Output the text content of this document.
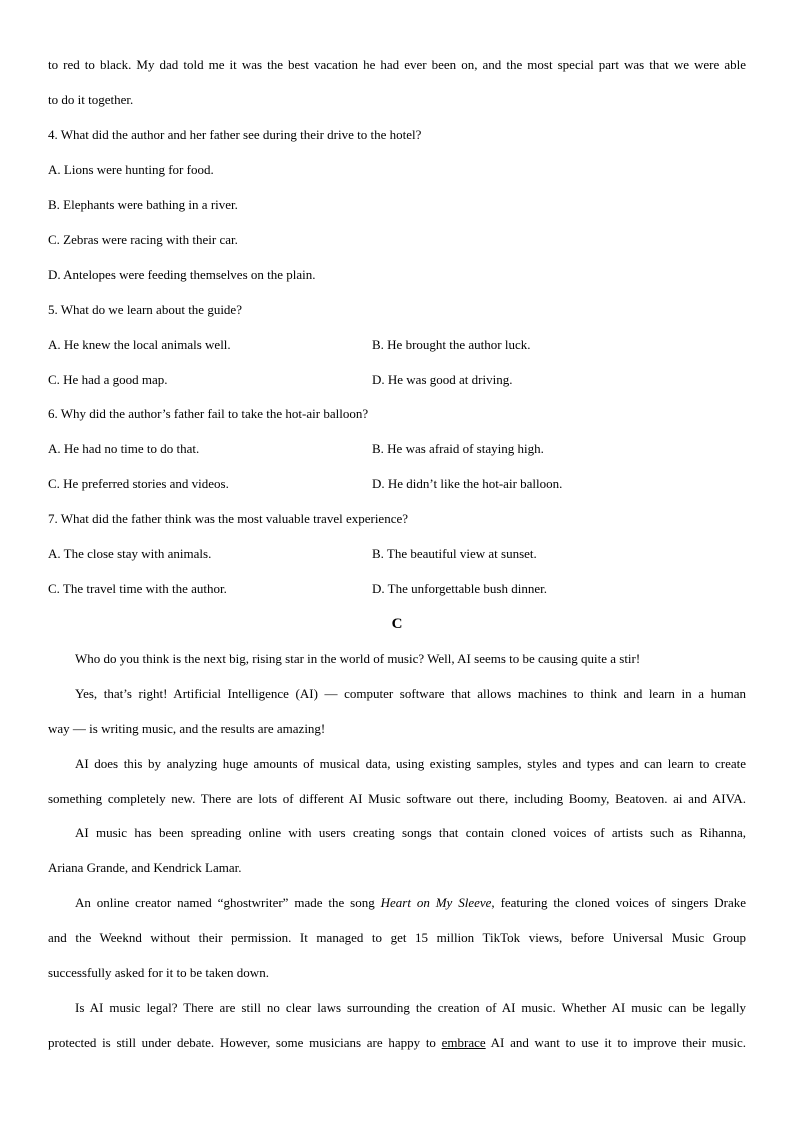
to red to black. My dad told me it was the best vacation he had ever been on, and the most special part was that we were able
to do it together.
4. What did the author and her father see during their drive to the hotel?
A. Lions were hunting for food.
B. Elephants were bathing in a river.
C. Zebras were racing with their car.
D. Antelopes were feeding themselves on the plain.
5. What do we learn about the guide?
A. He knew the local animals well.	B. He brought the author luck.
C. He had a good map.	D. He was good at driving.
6. Why did the author’s father fail to take the hot-air balloon?
A. He had no time to do that.	B. He was afraid of staying high.
C. He preferred stories and videos.	D. He didn’t like the hot-air balloon.
7. What did the father think was the most valuable travel experience?
A. The close stay with animals.	B. The beautiful view at sunset.
C. The travel time with the author.	D. The unforgettable bush dinner.
C
Who do you think is the next big, rising star in the world of music? Well, AI seems to be causing quite a stir!
Yes, that’s right! Artificial Intelligence (AI) — computer software that allows machines to think and learn in a human
way — is writing music, and the results are amazing!
AI does this by analyzing huge amounts of musical data, using existing samples, styles and types and can learn to create
something completely new. There are lots of different AI Music software out there, including Boomy, Beatoven. ai and AIVA.
AI music has been spreading online with users creating songs that contain cloned voices of artists such as Rihanna,
Ariana Grande, and Kendrick Lamar.
An online creator named “ghostwriter” made the song Heart on My Sleeve, featuring the cloned voices of singers Drake
and the Weeknd without their permission. It managed to get 15 million TikTok views, before Universal Music Group
successfully asked for it to be taken down.
Is AI music legal? There are still no clear laws surrounding the creation of AI music. Whether AI music can be legally
protected is still under debate. However, some musicians are happy to embrace AI and want to use it to improve their music.
